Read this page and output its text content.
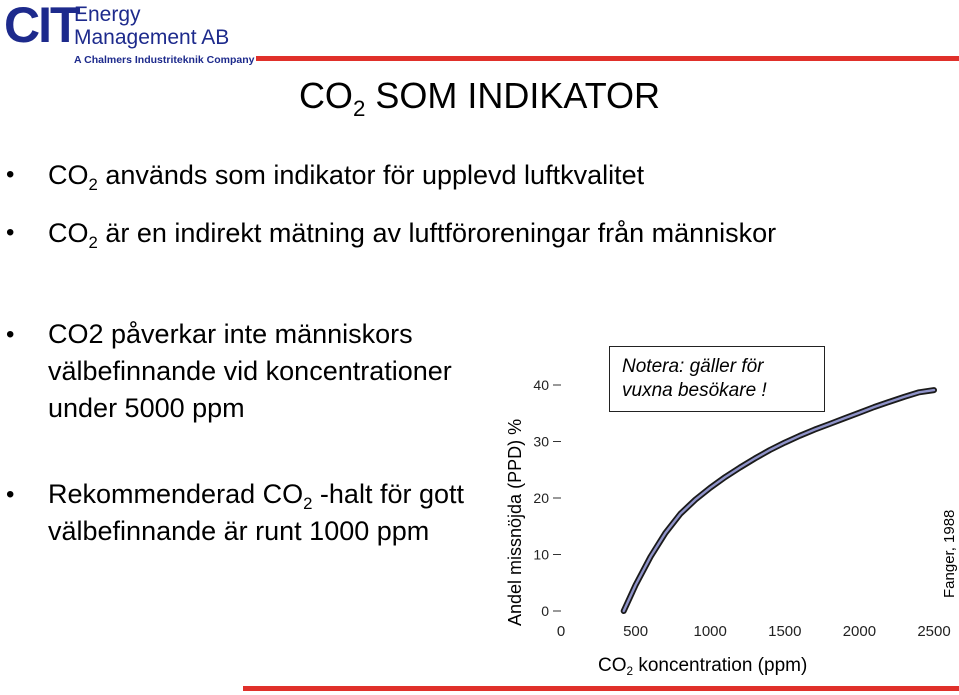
CIT
Energy
Management AB
A Chalmers Industriteknik Company
$CO_2$ SOM INDIKATOR
• $CO_2$ används som indikator för upplevd luftkvalitet
• $CO_2$ är en indirekt mätning av luftföroreningar från människor
• CO2 påverkar inte människors välbefinnande vid koncentrationer under 5000 ppm
• Rekommenderad $CO_2$ -halt för gott välbefinnande är runt 1000 ppm
0
10
20
30
40
0	500	1000	1500	2000	2500
Andel missnöjda (PPD) %	Fanger, 1988
$CO_2$ koncentration (ppm)
Notera: gäller för
vuxna besökare !
